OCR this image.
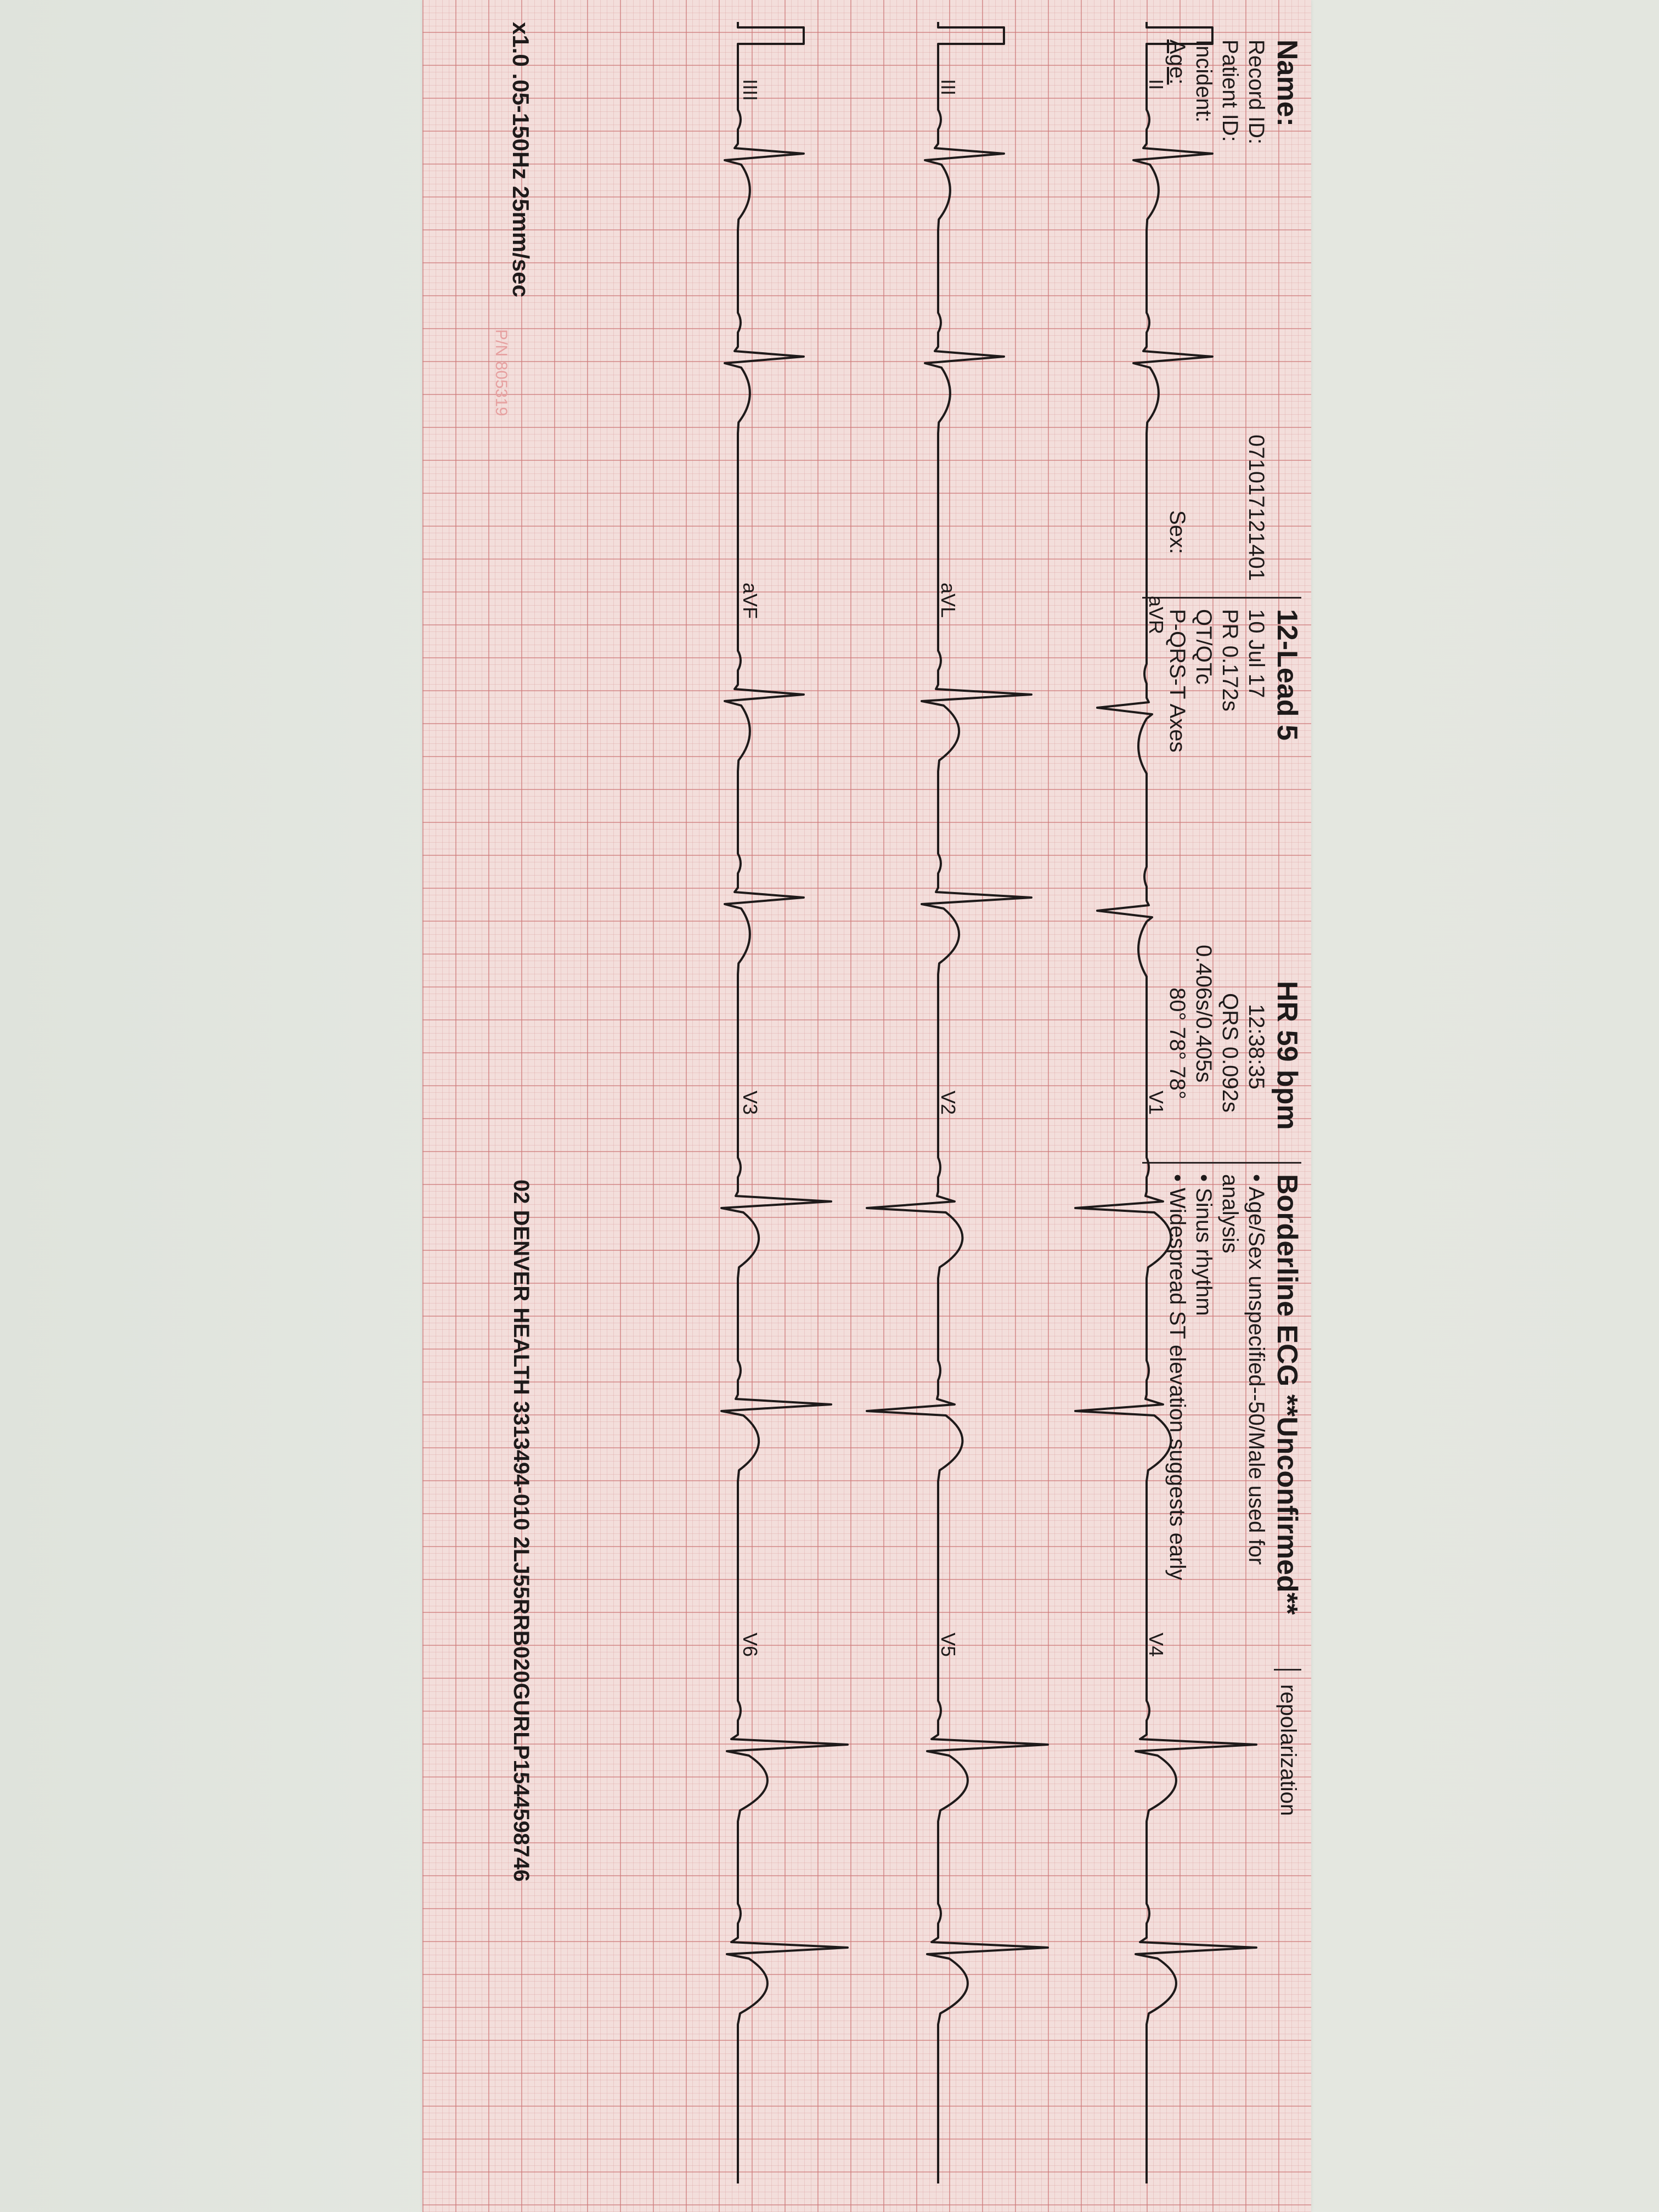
Name:
Record ID:
Patient ID:
Incident:
Age:
07101712140​1
Sex:
12-Lead 5
10 Jul 17
PR 0.172s
QT/QTc
P-QRS-T Axes
HR 59 bpm
12:38:35
QRS 0.092s
0.406s/0.405s
80° 78° 78°
Borderline ECG **Unconfirmed**
• Age/Sex unspecified--50/Male used for
analysis
• Sinus rhythm
• Widespread ST elevation suggests early
repolarization
aVR
V1
V4
II
III
aVL
V2
V5
IIII
aVF
V3
V6
x1.0 .05-150Hz 25mm/sec
P/N 805319
02 DENVER HEALTH 3313494-010 2LJ55RRB020GURLP1544598746
